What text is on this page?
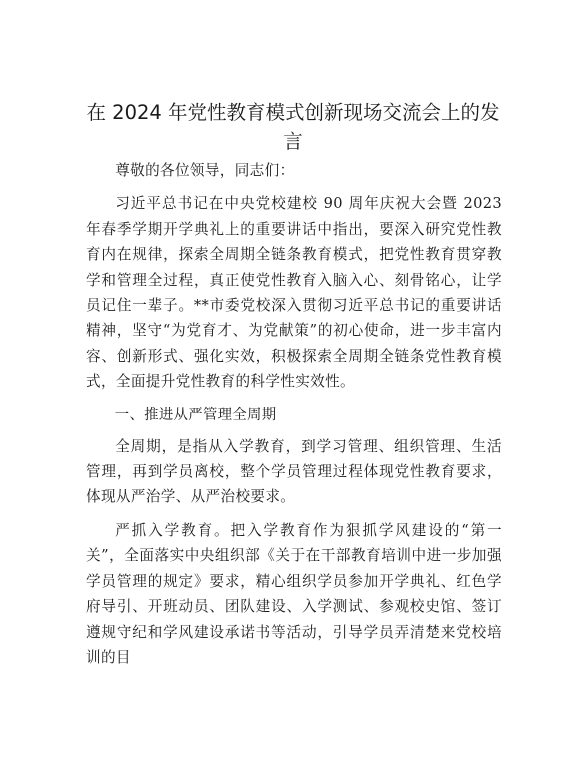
在 2024 年党性教育模式创新现场交流会上的发言

尊敬的各位领导，同志们：

习近平总书记在中央党校建校 90 周年庆祝大会暨 2023 年春季学期开学典礼上的重要讲话中指出，要深入研究党性教育内在规律，探索全周期全链条教育模式，把党性教育贯穿教学和管理全过程，真正使党性教育入脑入心、刻骨铭心，让学员记住一辈子。**市委党校深入贯彻习近平总书记的重要讲话精神，坚守“为党育才、为党献策”的初心使命，进一步丰富内容、创新形式、强化实效，积极探索全周期全链条党性教育模式，全面提升党性教育的科学性实效性。

一、推进从严管理全周期

全周期，是指从入学教育，到学习管理、组织管理、生活管理，再到学员离校，整个学员管理过程体现党性教育要求，体现从严治学、从严治校要求。

严抓入学教育。把入学教育作为狠抓学风建设的“第一关”，全面落实中央组织部《关于在干部教育培训中进一步加强学员管理的规定》要求，精心组织学员参加开学典礼、红色学府导引、开班动员、团队建设、入学测试、参观校史馆、签订遵规守纪和学风建设承诺书等活动，引导学员弄清楚来党校培训的目
